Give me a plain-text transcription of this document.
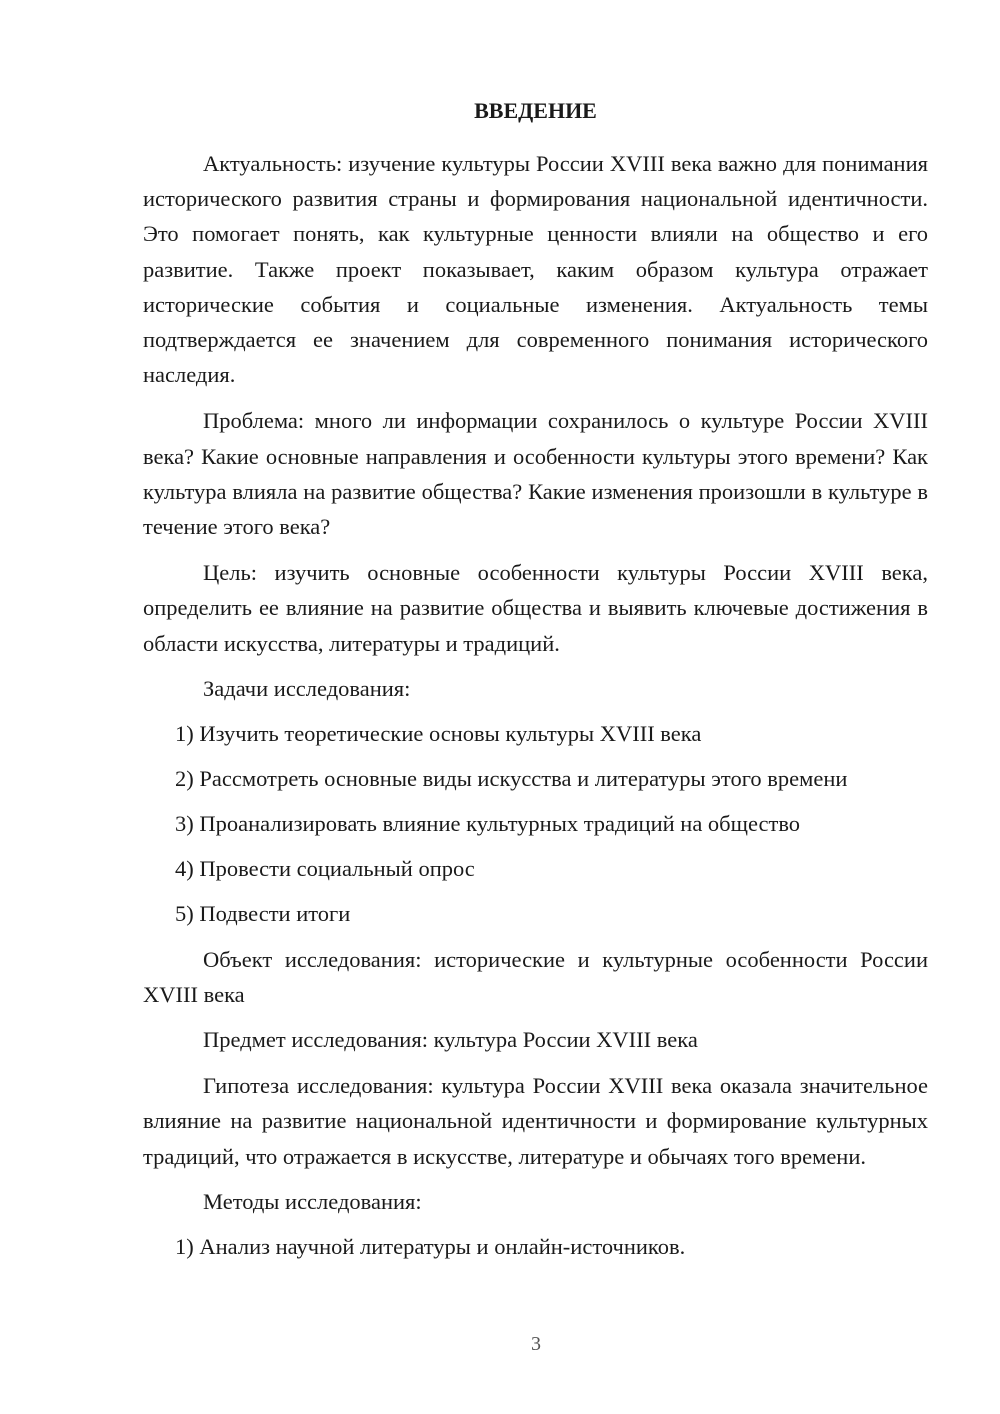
ВВЕДЕНИЕ

Актуальность: изучение культуры России XVIII века важно для понимания исторического развития страны и формирования национальной идентичности. Это помогает понять, как культурные ценности влияли на общество и его развитие. Также проект показывает, каким образом культура отражает исторические события и социальные изменения. Актуальность темы подтверждается ее значением для современного понимания исторического наследия.

Проблема: много ли информации сохранилось о культуре России XVIII века? Какие основные направления и особенности культуры этого времени? Как культура влияла на развитие общества? Какие изменения произошли в культуре в течение этого века?

Цель: изучить основные особенности культуры России XVIII века, определить ее влияние на развитие общества и выявить ключевые достижения в области искусства, литературы и традиций.

Задачи исследования:

1) Изучить теоретические основы культуры XVIII века

2) Рассмотреть основные виды искусства и литературы этого времени

3) Проанализировать влияние культурных традиций на общество

4) Провести социальный опрос

5) Подвести итоги

Объект исследования: исторические и культурные особенности России XVIII века

Предмет исследования: культура России XVIII века

Гипотеза исследования: культура России XVIII века оказала значительное влияние на развитие национальной идентичности и формирование культурных традиций, что отражается в искусстве, литературе и обычаях того времени.

Методы исследования:

1) Анализ научной литературы и онлайн-источников.

3
